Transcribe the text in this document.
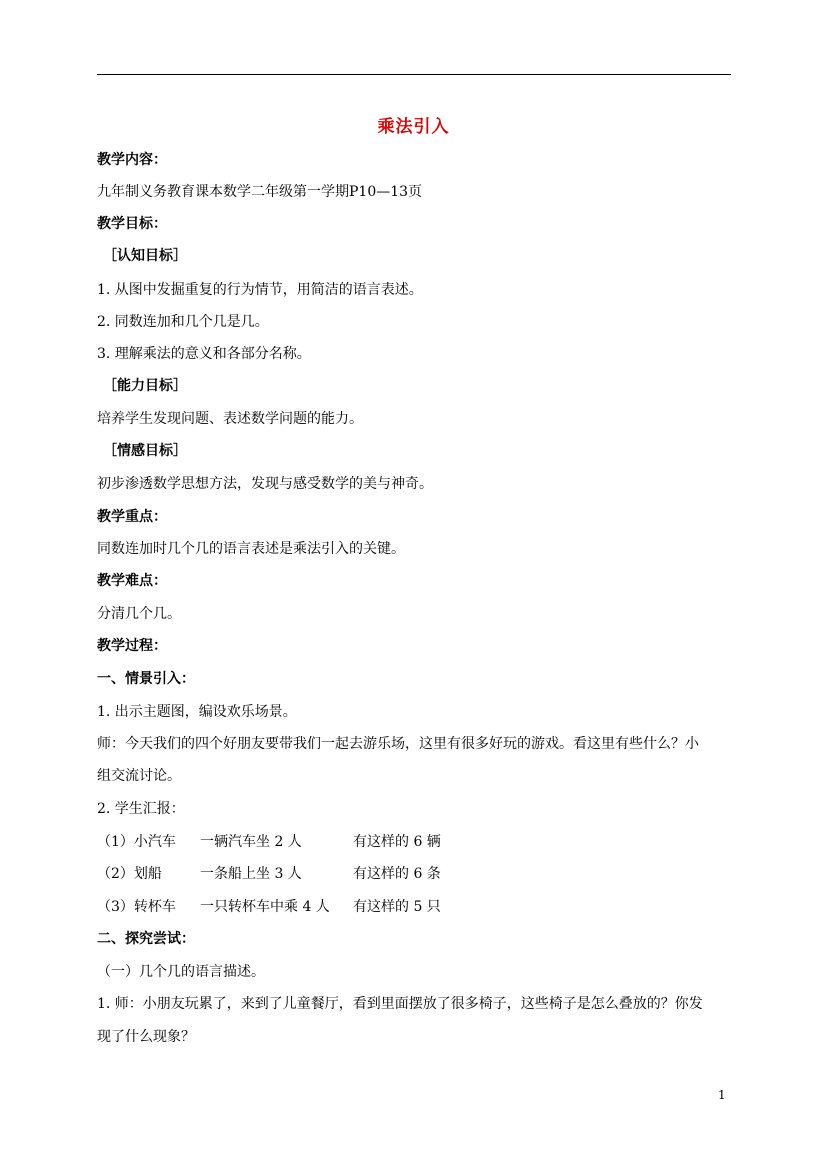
乘法引入
教学内容：
九年制义务教育课本数学二年级第一学期P10—13页
教学目标：
［认知目标］
1. 从图中发掘重复的行为情节，用简洁的语言表述。
2. 同数连加和几个几是几。
3. 理解乘法的意义和各部分名称。
［能力目标］
培养学生发现问题、表述数学问题的能力。
［情感目标］
初步渗透数学思想方法，发现与感受数学的美与神奇。
教学重点：
同数连加时几个几的语言表述是乘法引入的关键。
教学难点：
分清几个几。
教学过程：
一、情景引入：
1. 出示主题图，编设欢乐场景。
师：今天我们的四个好朋友要带我们一起去游乐场，这里有很多好玩的游戏。看这里有些什么？小
组交流讨论。
2. 学生汇报：
（1）小汽车 一辆汽车坐 2 人	有这样的 6 辆
（2）划船	一条船上坐 3 人	有这样的 6 条
（3）转杯车 一只转杯车中乘 4 人 有这样的 5 只
二、探究尝试：
（一）几个几的语言描述。
1. 师：小朋友玩累了，来到了儿童餐厅，看到里面摆放了很多椅子，这些椅子是怎么叠放的？你发
现了什么现象？
1
